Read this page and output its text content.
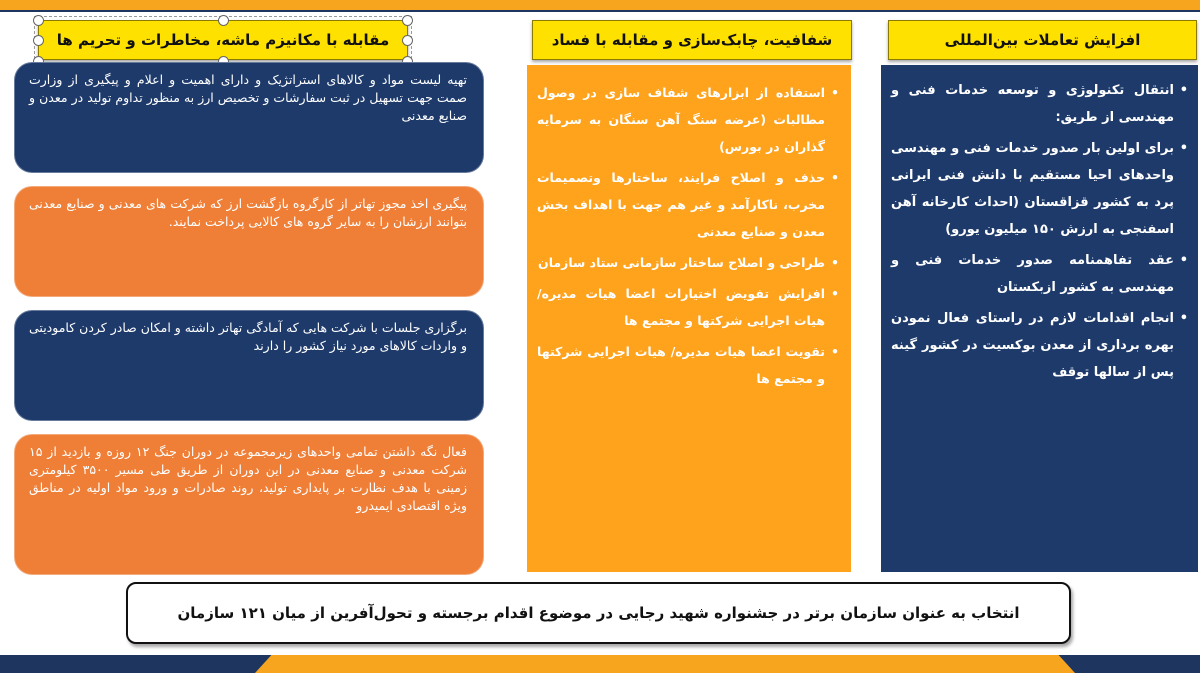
مقابله با مکانیزم ماشه، مخاطرات و تحریم ها	شفافیت، چابک‌سازی و مقابله با فساد	افزایش تعاملات بین‌المللی
تهیه لیست مواد و کالاهای استراتژیک و دارای اهمیت و اعلام و پیگیری از وزارت صمت جهت تسهیل در ثبت سفارشات و تخصیص ارز به منظور تداوم تولید در معدن و صنایع معدنی
پیگیری اخذ مجوز تهاتر از کارگروه بازگشت ارز که شرکت های معدنی و صنایع معدنی بتوانند ارزشان را به سایر گروه های کالایی پرداخت نمایند.
برگزاری جلسات با شرکت هایی که آمادگی تهاتر داشته و امکان صادر کردن کامودیتی و واردات کالاهای مورد نیاز کشور را دارند
فعال نگه داشتن تمامی واحدهای زیرمجموعه در دوران جنگ ۱۲ روزه و بازدید از ۱۵ شرکت معدنی و صنایع معدنی در این دوران از طریق طی مسیر ۳۵۰۰ کیلومتری زمینی با هدف نظارت بر پایداری تولید، روند صادرات و ورود مواد اولیه در مناطق ویژه اقتصادی ایمیدرو
• استفاده از ابزارهای شفاف سازی در وصول مطالبات (عرضه سنگ آهن سنگان به سرمایه گذاران در بورس)
• حذف و اصلاح فرایند، ساختارها وتصمیمات مخرب، ناکارآمد و غیر هم جهت با اهداف بخش معدن و صنایع معدنی
• طراحی و اصلاح ساختار سازمانی ستاد سازمان
• افزایش تفویض اختیارات اعضا هیات مدیره/هیات اجرایی شرکتها و مجتمع ها
• تقویت اعضا هیات مدیره/ هیات اجرایی شرکتها و مجتمع ها
• انتقال تکنولوژی و توسعه خدمات فنی و مهندسی از طریق:
• برای اولین بار صدور خدمات فنی و مهندسی واحدهای احیا مستقیم با دانش فنی ایرانی پرد به کشور قزاقستان (احداث کارخانه آهن اسفنجی به ارزش ۱۵۰ میلیون یورو)
• عقد تفاهمنامه صدور خدمات فنی و مهندسی به کشور ازبکستان
• انجام اقدامات لازم در راستای فعال نمودن بهره برداری از معدن بوکسیت در کشور گینه پس از سالها توقف
انتخاب به عنوان سازمان برتر در جشنواره شهید رجایی در موضوع اقدام برجسته و تحول‌آفرین از میان ۱۲۱ سازمان
